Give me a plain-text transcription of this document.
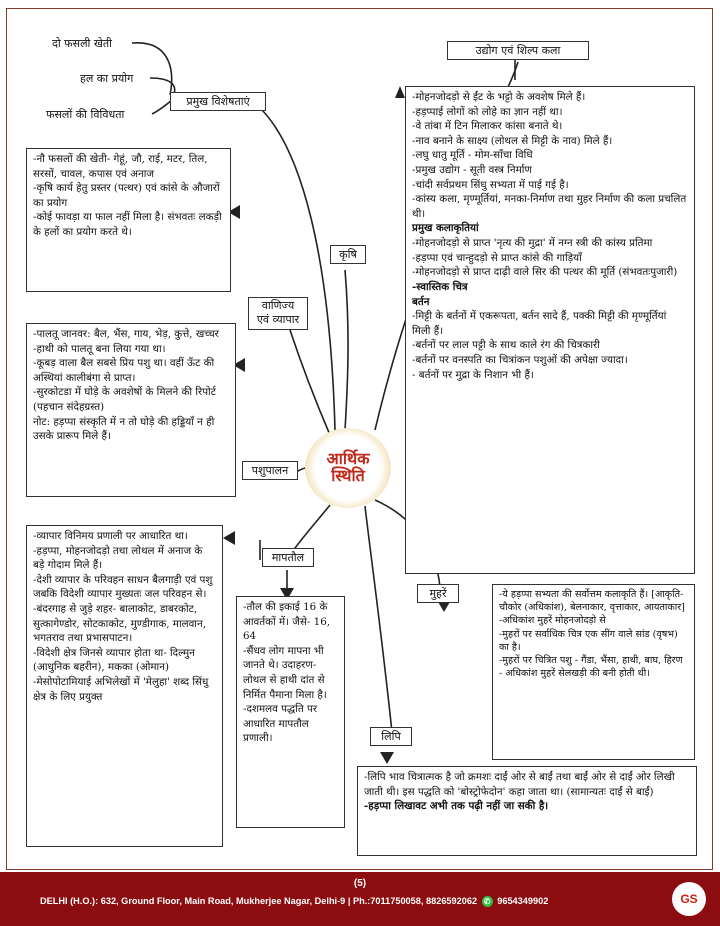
दो फसली खेती
हल का प्रयोग
फसलों की विविधता
प्रमुख विशेषताएं
उद्योग एवं शिल्प कला
कृषि
वाणिज्य एवं व्यापार
पशुपालन
मापतौल
मुहरें
लिपि
आर्थिक
स्थिति

-नौ फसलों की खेती- गेहूं, जौ, राई, मटर, तिल, सरसों, चावल, कपास एवं अनाज

-कृषि कार्य हेतु प्रस्तर (पत्थर) एवं कांसे के औजारों का प्रयोग

-कोई फावड़ा या फाल नहीं मिला है। संभवतः लकड़ी के हलों का प्रयोग करते थे।

-पालतू जानवर: बैल, भैंस, गाय, भेड़, कुत्ते, खच्चर

-हाथी को पालतू बना लिया गया था।

-कूबड़ वाला बैल सबसे प्रिय पशु था। वहीं ऊँट की अस्थियां कालीबंगा से प्राप्त।

-सुरकोटडा में घोड़े के अवशेषों के मिलने की रिपोर्ट (पहचान संदेहग्रस्त)

नोट: हड़प्पा संस्कृति में न तो घोड़े की हड्डियाँ न ही उसके प्रारूप मिले हैं।

-व्यापार विनिमय प्रणाली पर आधारित था।

-हड़प्पा, मोहनजोदड़ो तथा लोथल में अनाज के बड़े गोदाम मिले हैं।

-देशी व्यापार के परिवहन साधन बैलगाड़ी एवं पशु जबकि विदेशी व्यापार मुख्यतः जल परिवहन से।

-बंदरगाह से जुड़े शहर- बालाकोट, डाबरकोट, सुत्कागेण्डोर, सोटकाकोट, मुण्डीगाक, मालवान, भगतराव तथा प्रभासपाटन।

-विदेशी क्षेत्र जिनसे व्यापार होता था- दिल्मुन (आधुनिक बहरीन), मकका (ओमान)

-मेसोपोटामियाई अभिलेखों में 'मेलुहा' शब्द सिंधु क्षेत्र के लिए प्रयुक्त

-तौल की इकाई 16 के आवर्तकों में। जैसे- 16, 64

-सैंधव लोग मापना भी जानते थे। उदाहरण- लोथल से हाथी दांत से निर्मित पैमाना मिला है।

-दशमलव पद्धति पर आधारित मापतौल प्रणाली।

-मोहनजोदड़ो से ईंट के भट्टो के अवशेष मिले हैं।

-हड़प्पाई लोगों को लोहे का ज्ञान नहीं था।

-वे तांबा में टिन मिलाकर कांसा बनाते थे।

-नाव बनाने के साक्ष्य (लोथल से मिट्टी के नाव) मिले हैं।

-लघु धातु मूर्ति - मोम-साँचा विधि

-प्रमुख उद्योग - सूती वस्त्र निर्माण

-चांदी सर्वप्रथम सिंधु सभ्यता में पाई गई है।

-कांस्य कला, मृण्मूर्तियां, मनका-निर्माण तथा मुहर निर्माण की कला प्रचलित थी।

प्रमुख कलाकृतियां

-मोहनजोदड़ो से प्राप्त 'नृत्य की मुद्रा' में नग्न स्त्री की कांस्य प्रतिमा

-हड़प्पा एवं चान्हुदड़ो से प्राप्त कांसे की गाड़ियाँ

-मोहनजोदड़ो से प्राप्त दाढ़ी वाले सिर की पत्थर की मूर्ति (संभवतःपुजारी)

-स्वास्तिक चित्र

बर्तन

-मिट्टी के बर्तनों में एकरूपता, बर्तन सादे हैं, पक्की मिट्टी की मृण्मूर्तियां मिली हैं।

-बर्तनों पर लाल पट्टी के साथ काले रंग की चित्रकारी

-बर्तनों पर वनस्पति का चित्रांकन पशुओं की अपेक्षा ज्यादा।

- बर्तनों पर मुद्रा के निशान भी हैं।

-ये हड़प्पा सभ्यता की सर्वोत्तम कलाकृति हैं। [आकृति- चौकोर (अधिकांश), बेलनाकार, वृत्ताकार, आयताकार]

-अधिकांश मुहरें मोहनजोदड़ो से

-मुहरों पर सर्वाधिक चित्र एक सींग वाले सांड (वृषभ) का है।

-मुहरों पर चित्रित पशु - गैंडा, भैंसा, हाथी, बाघ, हिरण

- अधिकांश मुहरें सेलखड़ी की बनी होती थी।

-लिपि भाव चित्रात्मक है जो क्रमशः दाईं ओर से बाईं तथा बाईं ओर से दाईं ओर लिखी जाती थी। इस पद्धति को 'बोस्ट्रोफेदोन' कहा जाता था। (सामान्यतः दाईं से बाईं)

-हड़प्पा लिखावट अभी तक पढ़ी नहीं जा सकी है।

(5)
DELHI (H.O.): 632, Ground Floor, Main Road, Mukherjee Nagar, Delhi-9 | Ph.:7011750058, 8826592062 ✆ 9654349902	GS
